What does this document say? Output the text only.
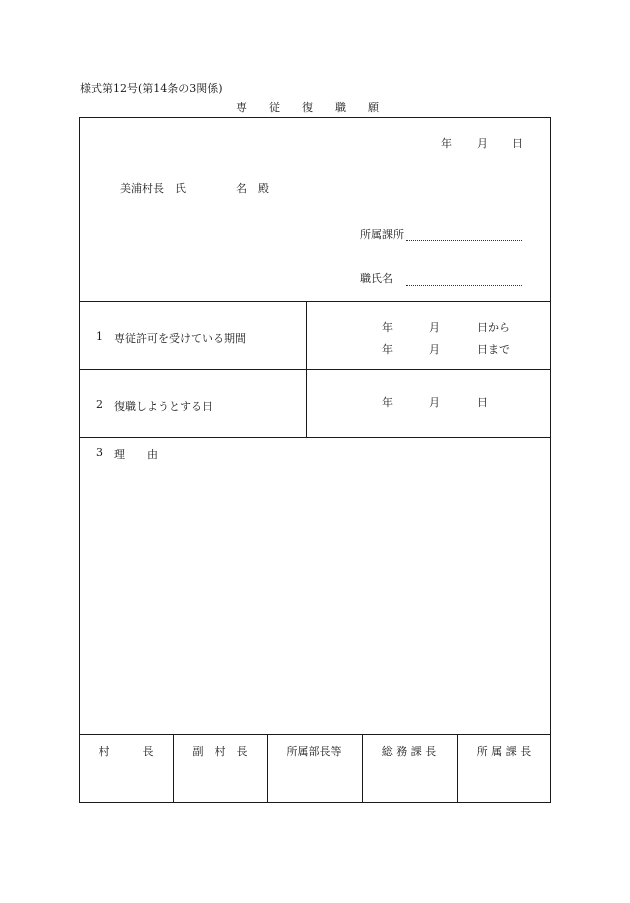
様式第12号(第14条の3関係)
専従復職願
年 月 日
美浦村長　氏	名 殿
所属課所
職氏名
1 専従許可を受けている期間
年	月	日から
年	月	日まで
2 復職しようとする日	年	月	日
3 理　　由
村　　　長	副　村　長	所属部長等	総 務 課 長	所 属 課 長
